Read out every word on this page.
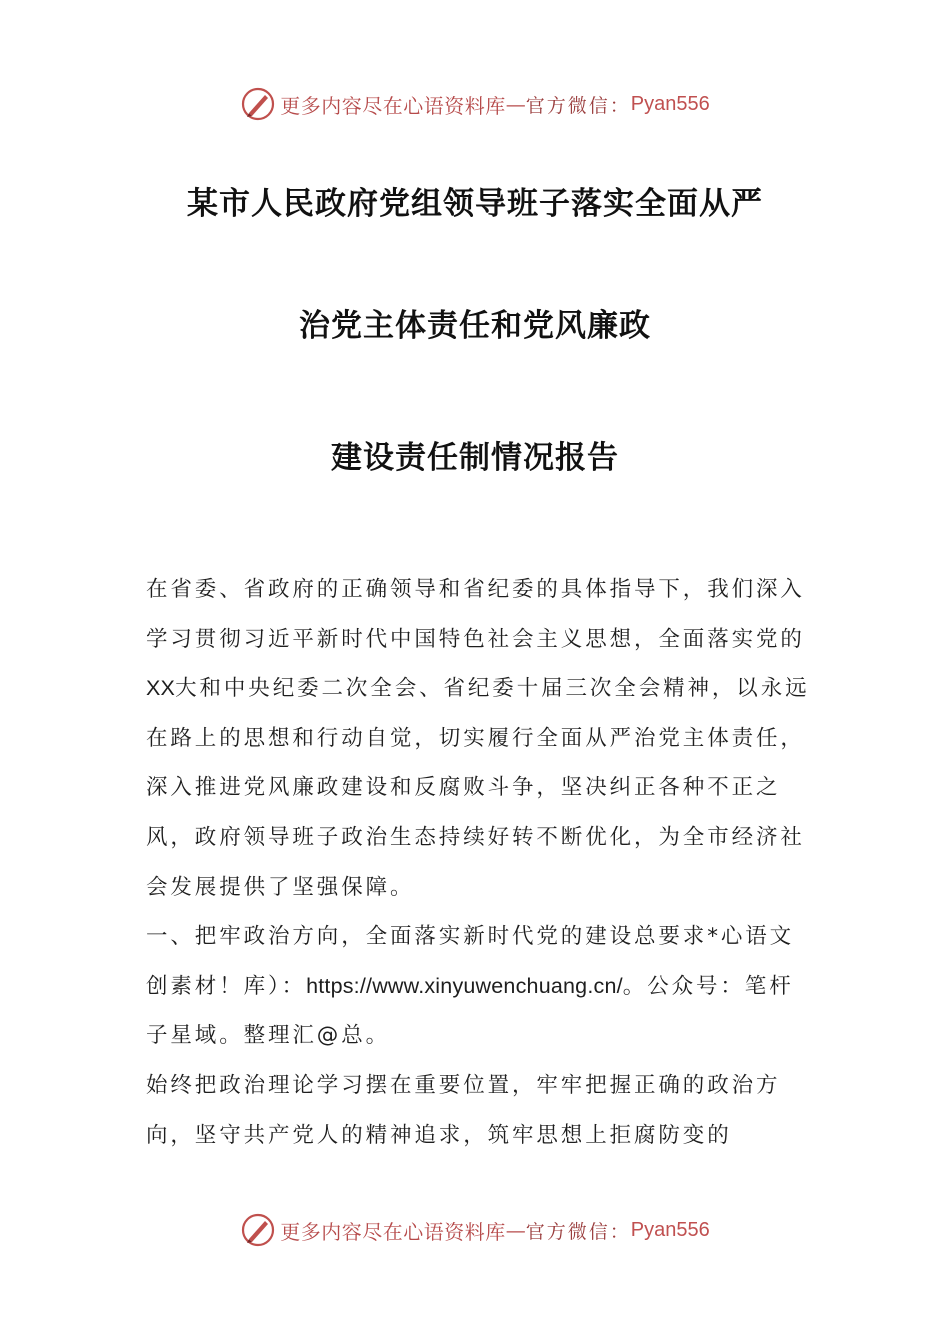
更多内容尽在心语资料库 — 官方微信： Pyan556
某市人民政府党组领导班子落实全面从严
治党主体责任和党风廉政
建设责任制情况报告

在省委、省政府的正确领导和省纪委的具体指导下，我们深入学习贯彻习近平新时代中国特色社会主义思想，全面落实党的XX大和中央纪委二次全会、省纪委十届三次全会精神，以永远在路上的思想和行动自觉，切实履行全面从严治党主体责任，深入推进党风廉政建设和反腐败斗争，坚决纠正各种不正之风，政府领导班子政治生态持续好转不断优化，为全市经济社会发展提供了坚强保障。

一、把牢政治方向，全面落实新时代党的建设总要求*心语文创素材！库）：https://www.xinyuwenchuang.cn/。公众号：笔杆子星域。整理汇@总。

始终把政治理论学习摆在重要位置，牢牢把握正确的政治方向，坚守共产党人的精神追求，筑牢思想上拒腐防变的

更多内容尽在心语资料库 — 官方微信： Pyan556
